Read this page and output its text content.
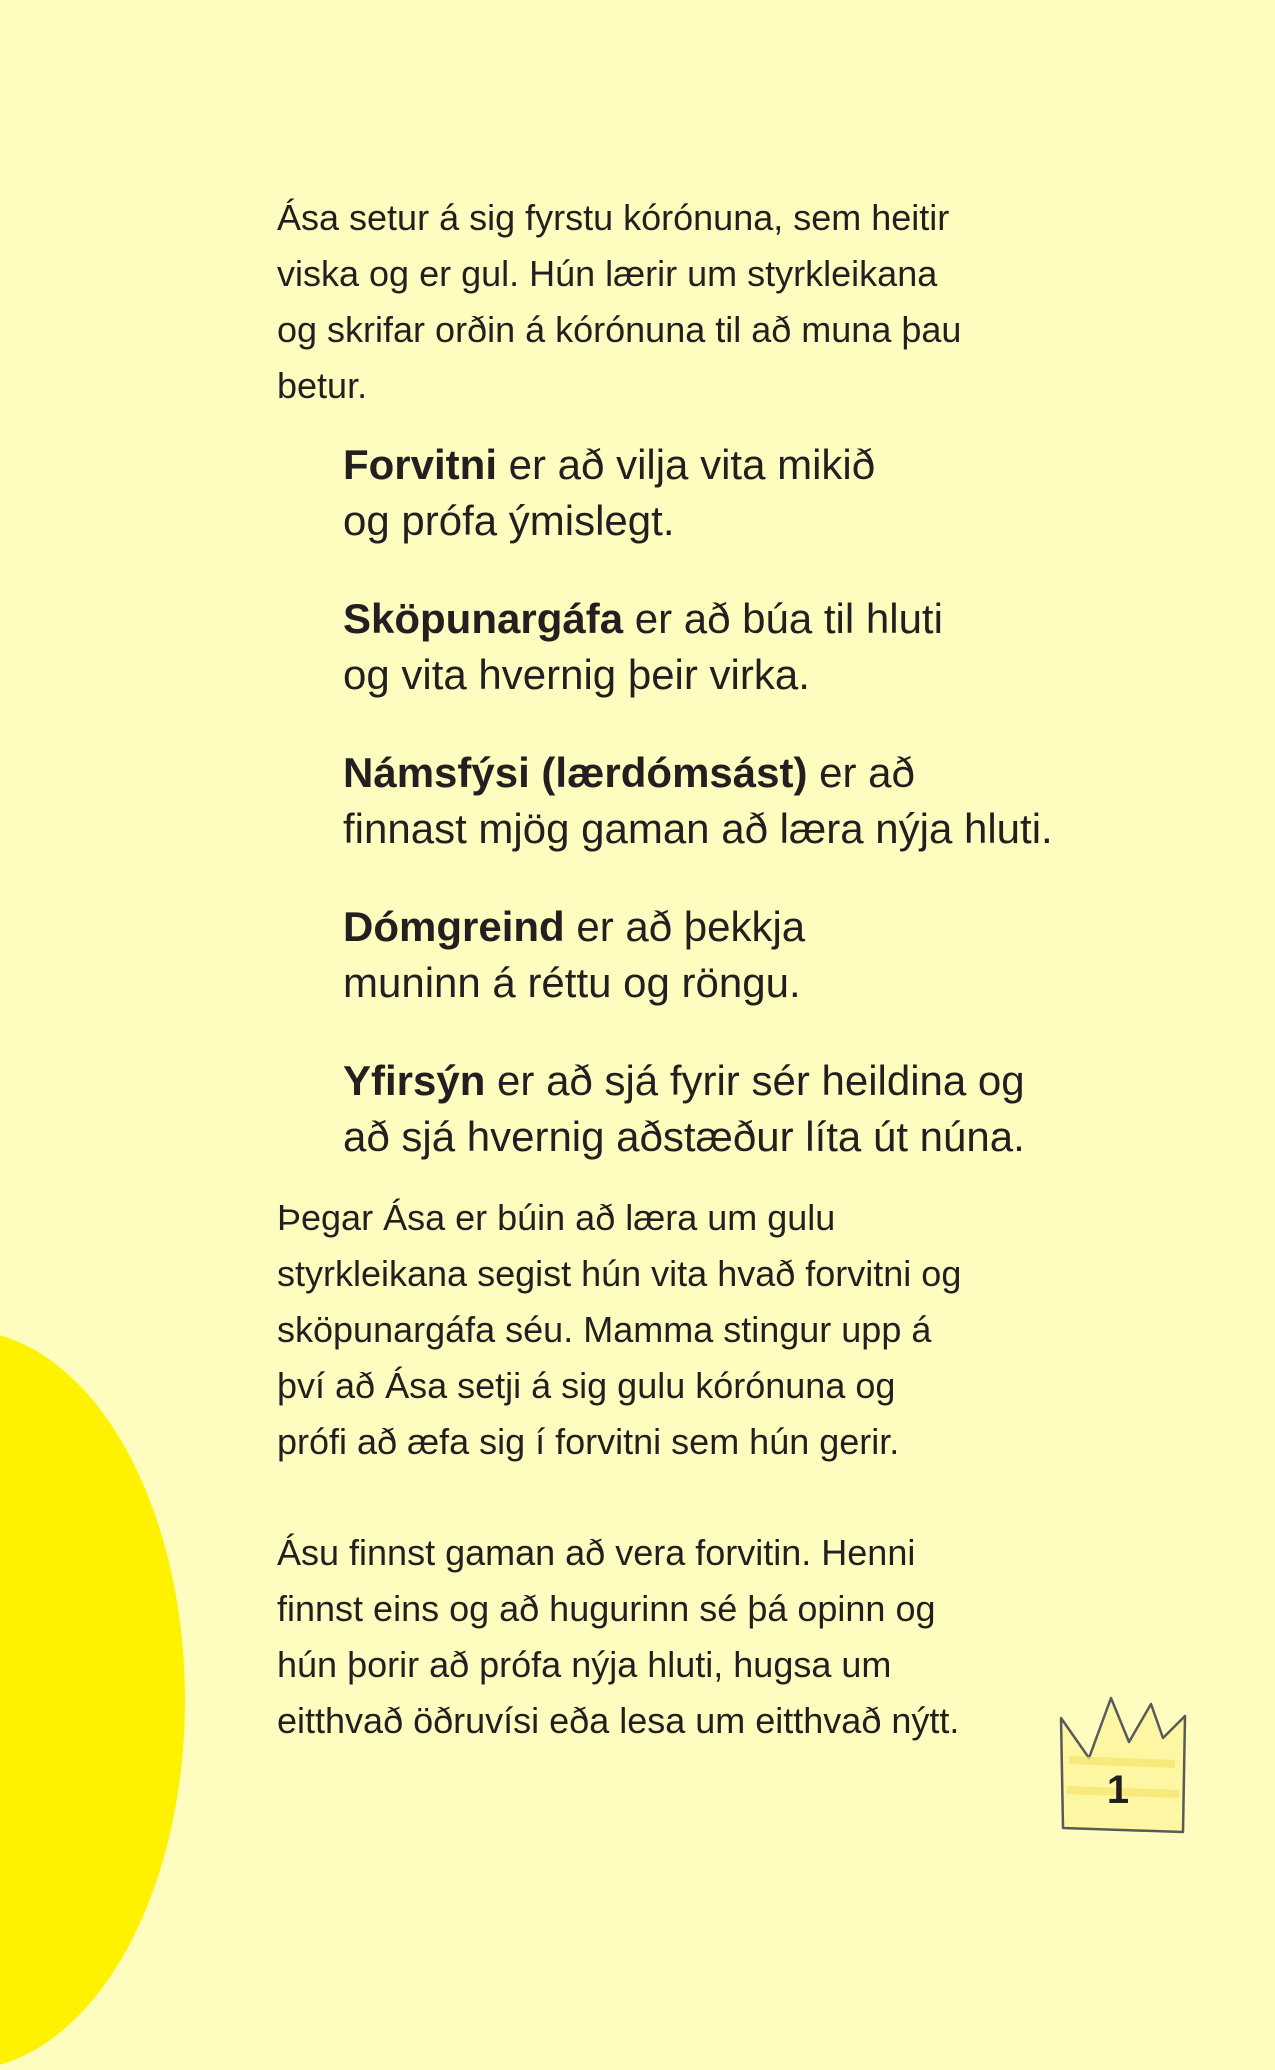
Ása setur á sig fyrstu kórónuna, sem heitir
viska og er gul. Hún lærir um styrkleikana
og skrifar orðin á kórónuna til að muna þau
betur.

Forvitni er að vilja vita mikið
og prófa ýmislegt.

Sköpunargáfa er að búa til hluti
og vita hvernig þeir virka.

Námsfýsi (lærdómsást) er að
finnast mjög gaman að læra nýja hluti.

Dómgreind er að þekkja
muninn á réttu og röngu.

Yfirsýn er að sjá fyrir sér heildina og
að sjá hvernig aðstæður líta út núna.

Þegar Ása er búin að læra um gulu
styrkleikana segist hún vita hvað forvitni og
sköpunargáfa séu. Mamma stingur upp á
því að Ása setji á sig gulu kórónuna og
prófi að æfa sig í forvitni sem hún gerir.

Ásu finnst gaman að vera forvitin. Henni
finnst eins og að hugurinn sé þá opinn og
hún þorir að prófa nýja hluti, hugsa um
eitthvað öðruvísi eða lesa um eitthvað nýtt.

1
